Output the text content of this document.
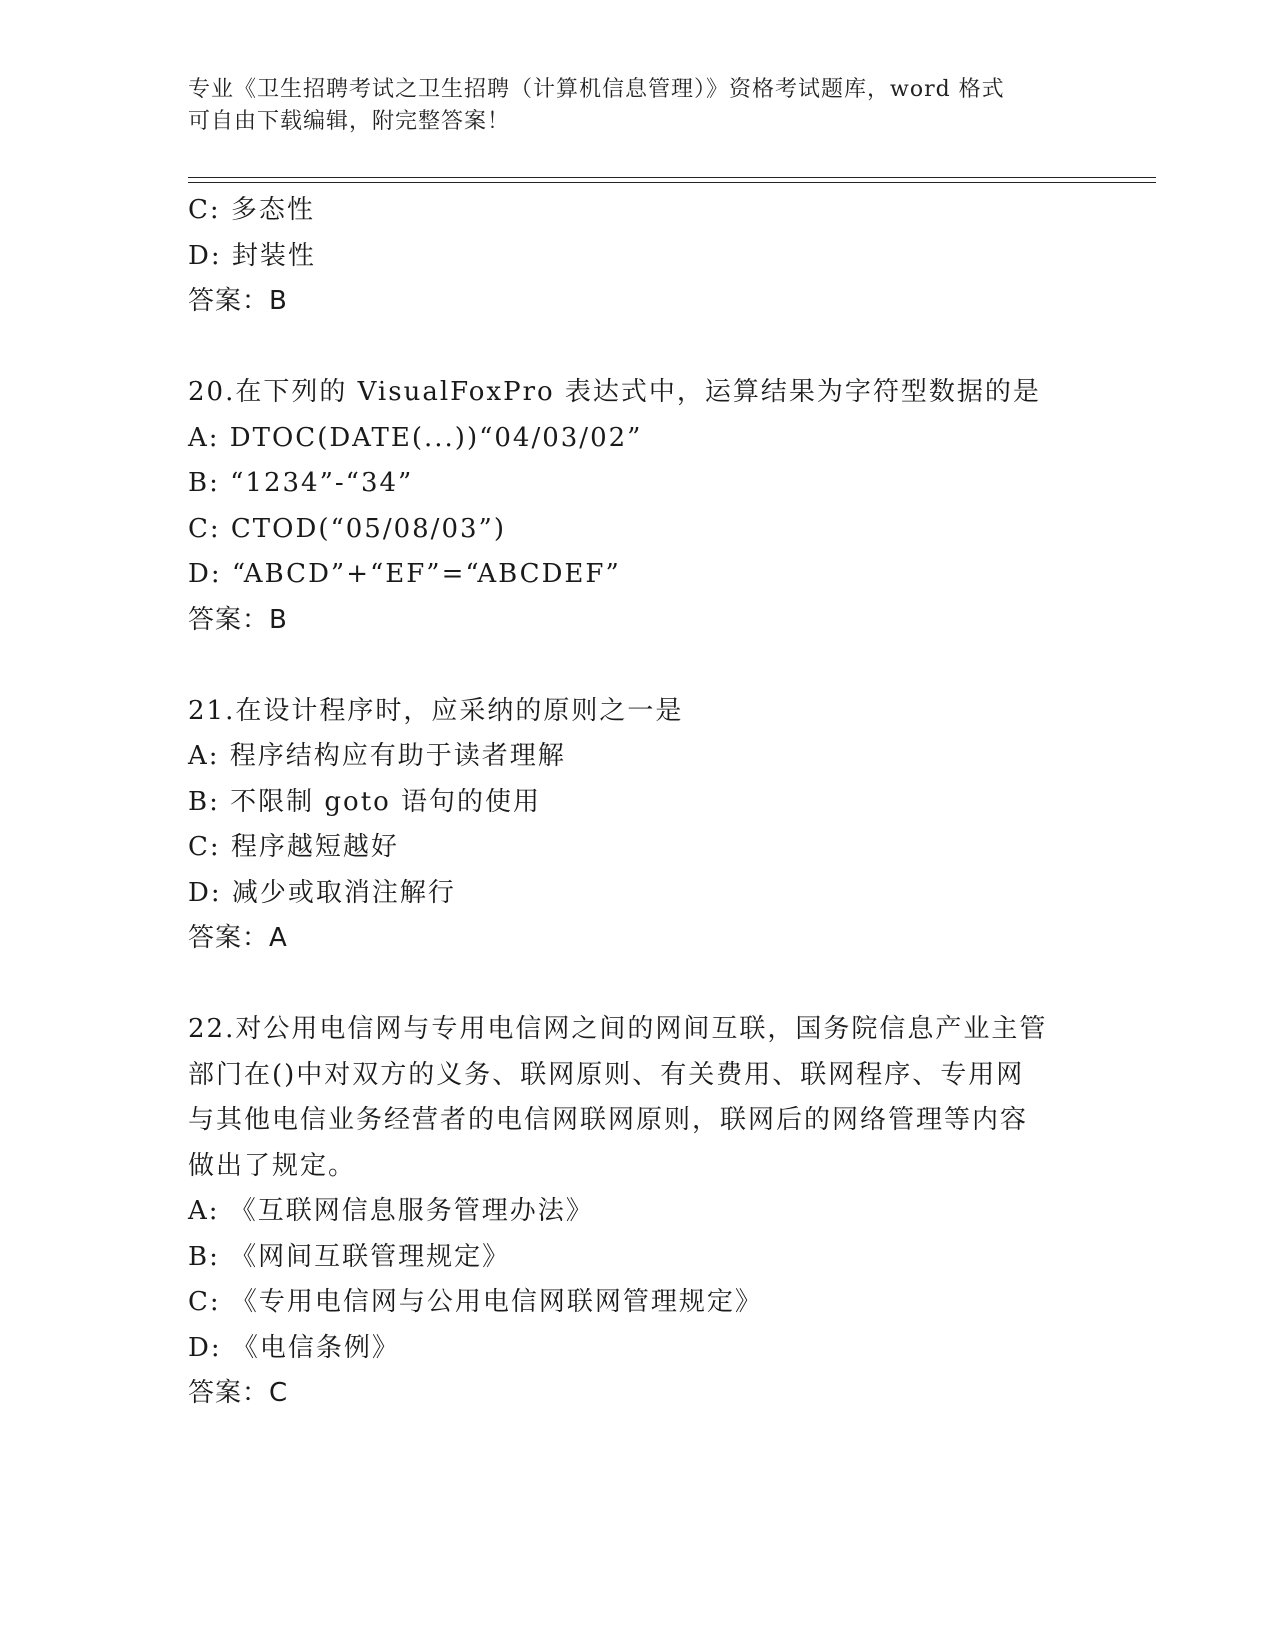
专业《卫生招聘考试之卫生招聘（计算机信息管理）》资格考试题库，word 格式
可自由下载编辑，附完整答案！
C: 多态性
D: 封装性
答案：B
20.在下列的 VisualFoxPro 表达式中，运算结果为字符型数据的是
A: DTOC(DATE(...))“04/03/02”
B: “1234”-“34”
C: CTOD(“05/08/03”)
D: “ABCD”+“EF”=“ABCDEF”
答案：B
21.在设计程序时，应采纳的原则之一是
A: 程序结构应有助于读者理解
B: 不限制 goto 语句的使用
C: 程序越短越好
D: 减少或取消注解行
答案：A
22.对公用电信网与专用电信网之间的网间互联，国务院信息产业主管
部门在()中对双方的义务、联网原则、有关费用、联网程序、专用网
与其他电信业务经营者的电信网联网原则，联网后的网络管理等内容
做出了规定。
A: 《互联网信息服务管理办法》
B: 《网间互联管理规定》
C: 《专用电信网与公用电信网联网管理规定》
D: 《电信条例》
答案：C
